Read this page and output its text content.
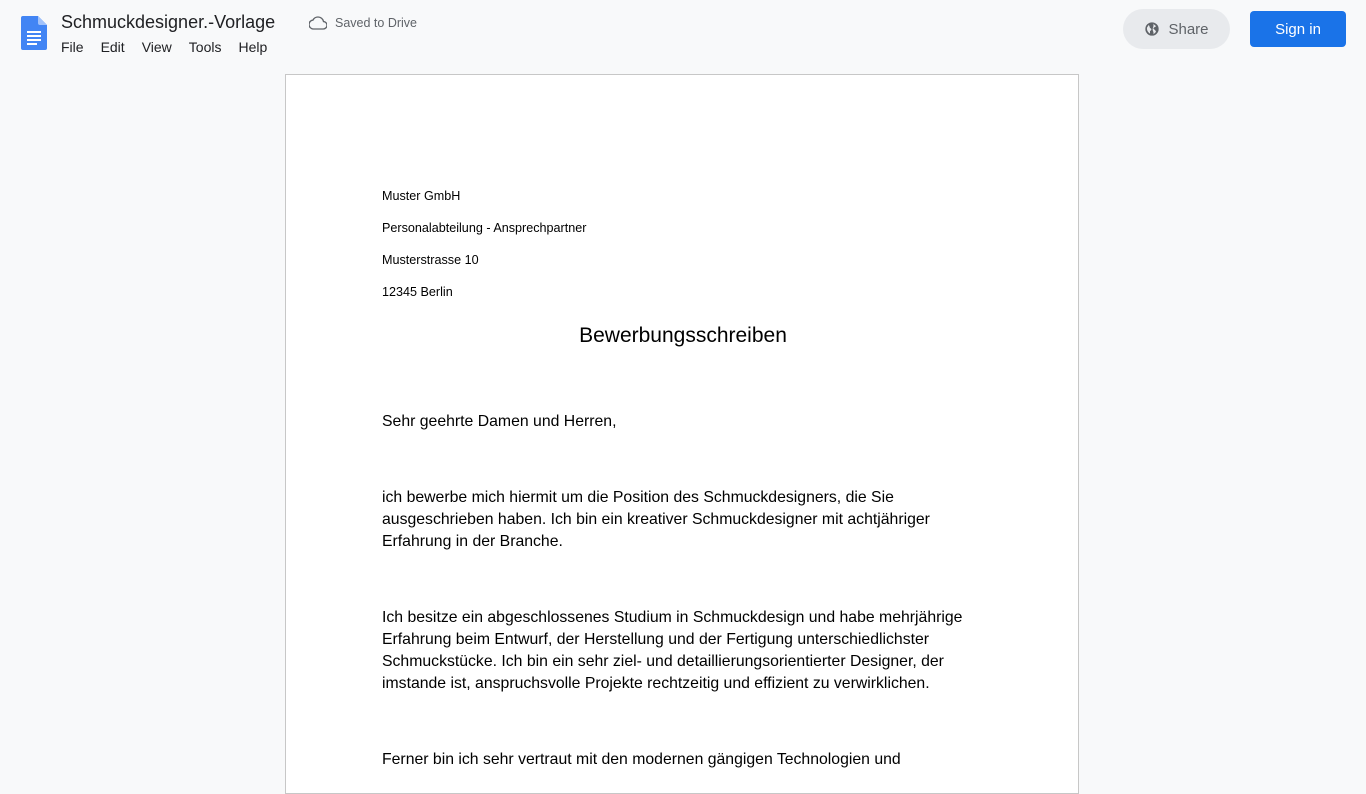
Schmuckdesigner.-Vorlage	Saved to Drive
File	Edit	View	Tools	Help
Share	Sign in
Muster GmbH
Personalabteilung - Ansprechpartner
Musterstrasse 10
12345 Berlin
Bewerbungsschreiben
Sehr geehrte Damen und Herren,
ich bewerbe mich hiermit um die Position des Schmuckdesigners, die Sie ausgeschrieben haben. Ich bin ein kreativer Schmuckdesigner mit achtjähriger Erfahrung in der Branche.
Ich besitze ein abgeschlossenes Studium in Schmuckdesign und habe mehrjährige Erfahrung beim Entwurf, der Herstellung und der Fertigung unterschiedlichster Schmuckstücke. Ich bin ein sehr ziel- und detaillierungsorientierter Designer, der imstande ist, anspruchsvolle Projekte rechtzeitig und effizient zu verwirklichen.
Ferner bin ich sehr vertraut mit den modernen gängigen Technologien und
